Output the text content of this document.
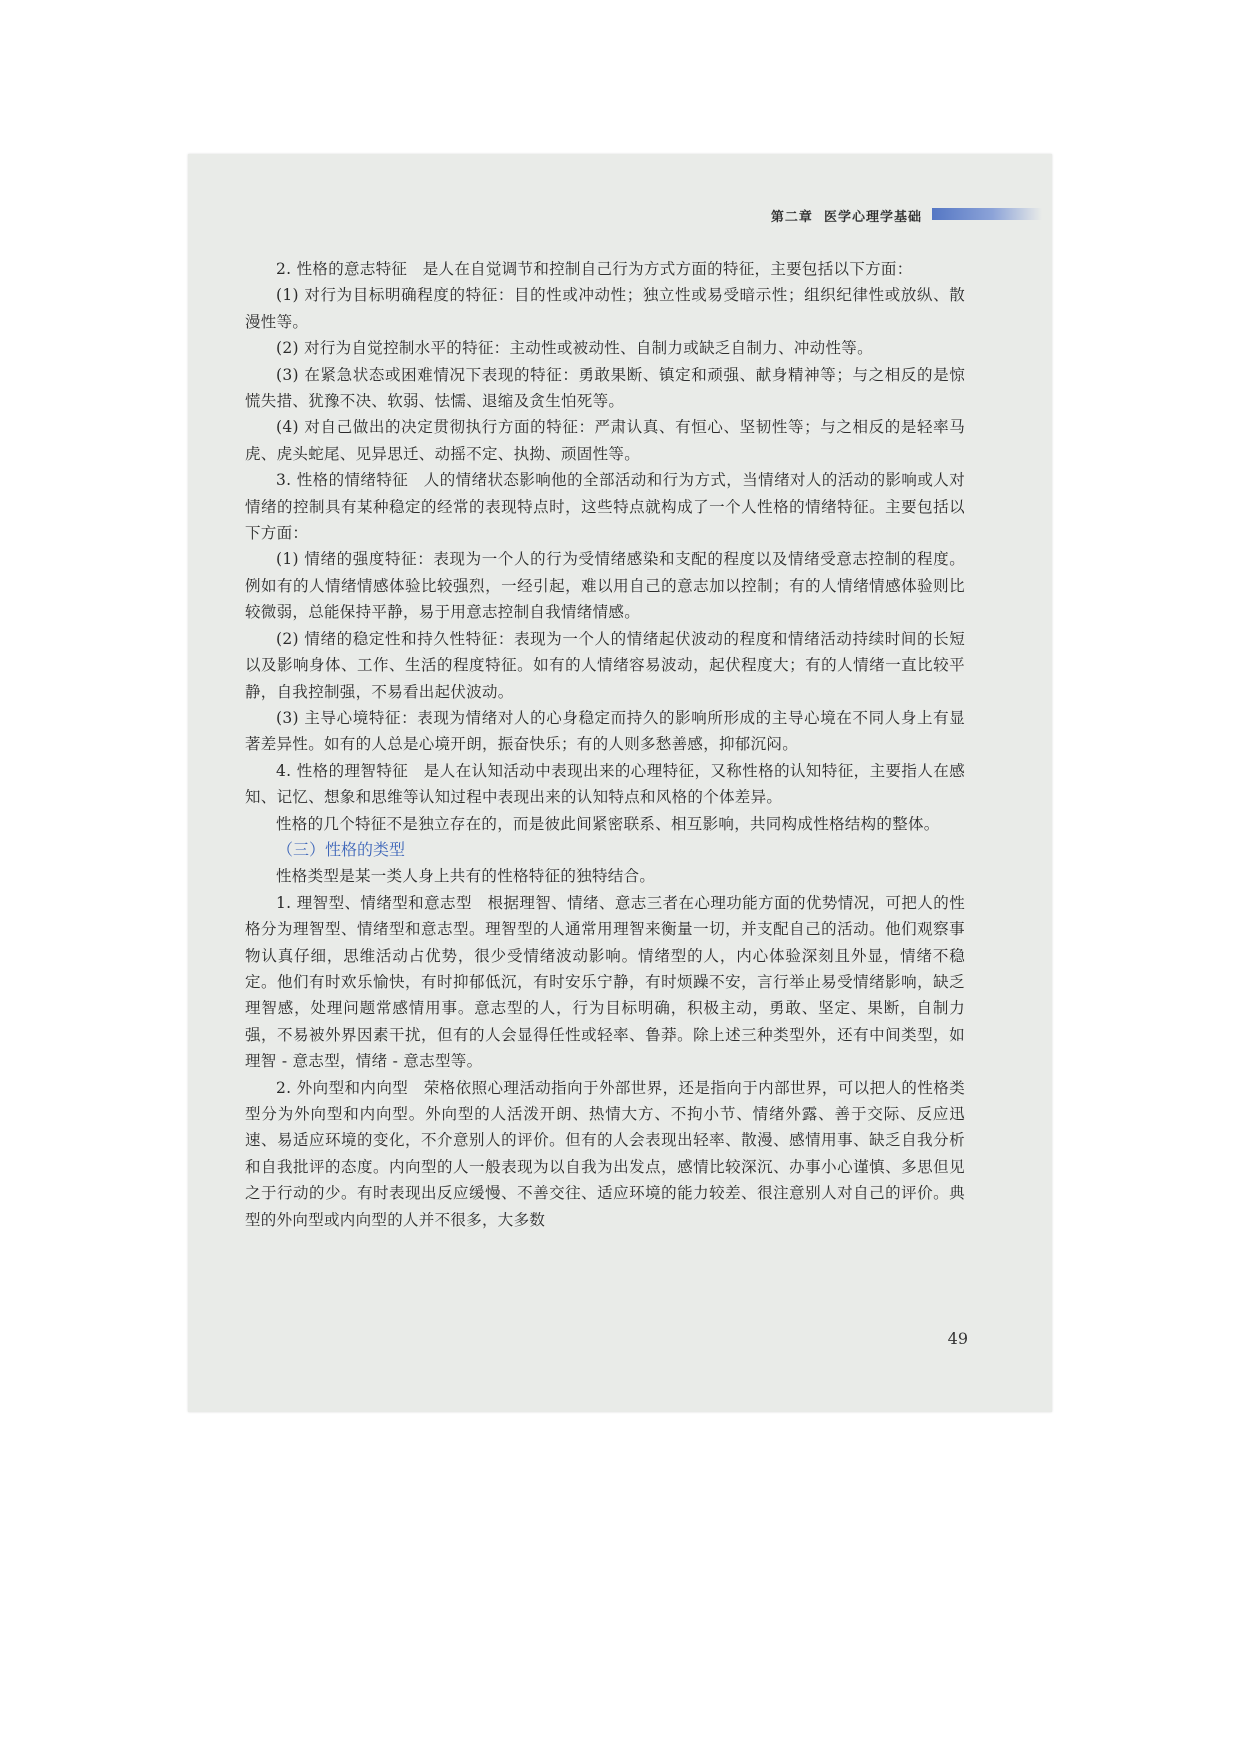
第二章 医学心理学基础

2. 性格的意志特征 是人在自觉调节和控制自己行为方式方面的特征，主要包括以下方面：

(1) 对行为目标明确程度的特征：目的性或冲动性；独立性或易受暗示性；组织纪律性或放纵、散漫性等。

(2) 对行为自觉控制水平的特征：主动性或被动性、自制力或缺乏自制力、冲动性等。

(3) 在紧急状态或困难情况下表现的特征：勇敢果断、镇定和顽强、献身精神等；与之相反的是惊慌失措、犹豫不决、软弱、怯懦、退缩及贪生怕死等。

(4) 对自己做出的决定贯彻执行方面的特征：严肃认真、有恒心、坚韧性等；与之相反的是轻率马虎、虎头蛇尾、见异思迁、动摇不定、执拗、顽固性等。

3. 性格的情绪特征 人的情绪状态影响他的全部活动和行为方式，当情绪对人的活动的影响或人对情绪的控制具有某种稳定的经常的表现特点时，这些特点就构成了一个人性格的情绪特征。主要包括以下方面：

(1) 情绪的强度特征：表现为一个人的行为受情绪感染和支配的程度以及情绪受意志控制的程度。例如有的人情绪情感体验比较强烈，一经引起，难以用自己的意志加以控制；有的人情绪情感体验则比较微弱，总能保持平静，易于用意志控制自我情绪情感。

(2) 情绪的稳定性和持久性特征：表现为一个人的情绪起伏波动的程度和情绪活动持续时间的长短以及影响身体、工作、生活的程度特征。如有的人情绪容易波动，起伏程度大；有的人情绪一直比较平静，自我控制强，不易看出起伏波动。

(3) 主导心境特征：表现为情绪对人的心身稳定而持久的影响所形成的主导心境在不同人身上有显著差异性。如有的人总是心境开朗，振奋快乐；有的人则多愁善感，抑郁沉闷。

4. 性格的理智特征 是人在认知活动中表现出来的心理特征，又称性格的认知特征，主要指人在感知、记忆、想象和思维等认知过程中表现出来的认知特点和风格的个体差异。

性格的几个特征不是独立存在的，而是彼此间紧密联系、相互影响，共同构成性格结构的整体。

（三）性格的类型

性格类型是某一类人身上共有的性格特征的独特结合。

1. 理智型、情绪型和意志型 根据理智、情绪、意志三者在心理功能方面的优势情况，可把人的性格分为理智型、情绪型和意志型。理智型的人通常用理智来衡量一切，并支配自己的活动。他们观察事物认真仔细，思维活动占优势，很少受情绪波动影响。情绪型的人，内心体验深刻且外显，情绪不稳定。他们有时欢乐愉快，有时抑郁低沉，有时安乐宁静，有时烦躁不安，言行举止易受情绪影响，缺乏理智感，处理问题常感情用事。意志型的人，行为目标明确，积极主动，勇敢、坚定、果断，自制力强，不易被外界因素干扰，但有的人会显得任性或轻率、鲁莽。除上述三种类型外，还有中间类型，如理智 - 意志型，情绪 - 意志型等。

2. 外向型和内向型 荣格依照心理活动指向于外部世界，还是指向于内部世界，可以把人的性格类型分为外向型和内向型。外向型的人活泼开朗、热情大方、不拘小节、情绪外露、善于交际、反应迅速、易适应环境的变化，不介意别人的评价。但有的人会表现出轻率、散漫、感情用事、缺乏自我分析和自我批评的态度。内向型的人一般表现为以自我为出发点，感情比较深沉、办事小心谨慎、多思但见之于行动的少。有时表现出反应缓慢、不善交往、适应环境的能力较差、很注意别人对自己的评价。典型的外向型或内向型的人并不很多，大多数

49
